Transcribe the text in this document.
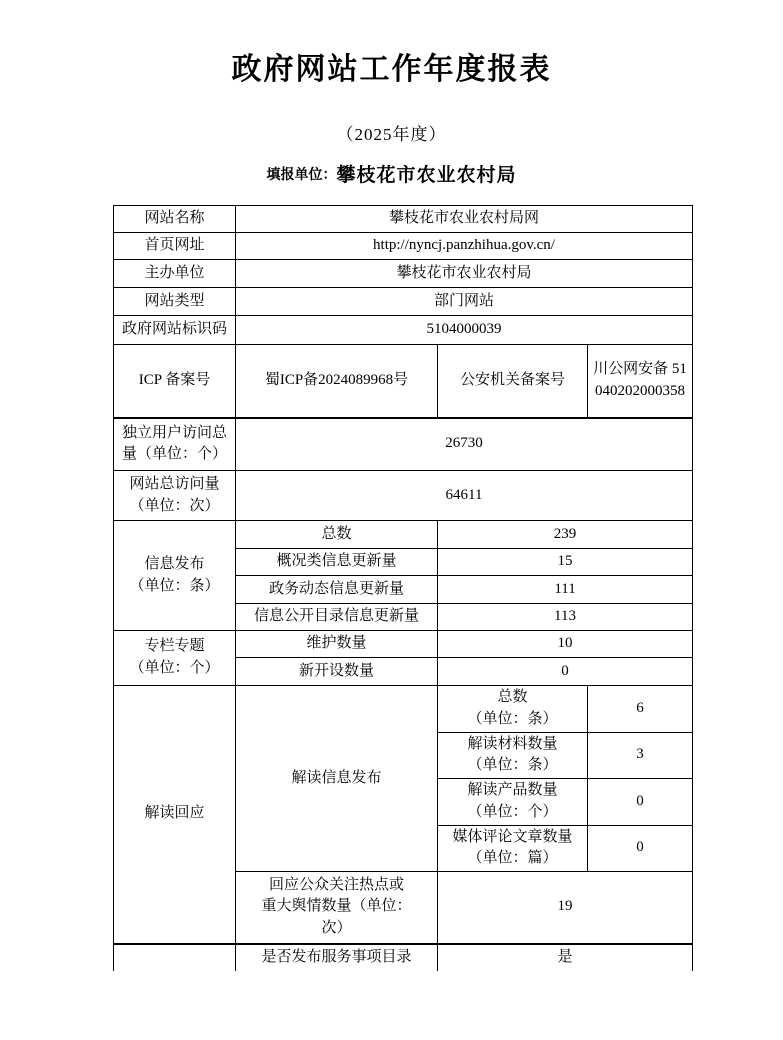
政府网站工作年度报表
（2025年度）
填报单位：攀枝花市农业农村局
网站名称	攀枝花市农业农村局网		
首页网址	http://nyncj.panzhihua.gov.cn/		
主办单位	攀枝花市农业农村局		
网站类型	部门网站		
政府网站标识码	5104000039		
ICP 备案号	蜀ICP备2024089968号	公安机关备案号	川公网安备 51040202000358

独立用户访问总
量（单位：个）	26730		

网站总访问量
（单位：次）	64611		

信息发布
（单位：条）	总数	239	
	概况类信息更新量	15	
	政务动态信息更新量	111	
	信息公开目录信息更新量	113	

专栏专题
（单位：个）	维护数量	10	
	新开设数量	0	
解读回应	解读信息发布	总数
（单位：条）	6

		解读材料数量
（单位：条）	3

		解读产品数量
（单位：个）	0

		媒体评论文章数量
（单位：篇）	0

	回应公众关注热点或
重大舆情数量（单位：
次）	19	
	是否发布服务事项目录	是	
